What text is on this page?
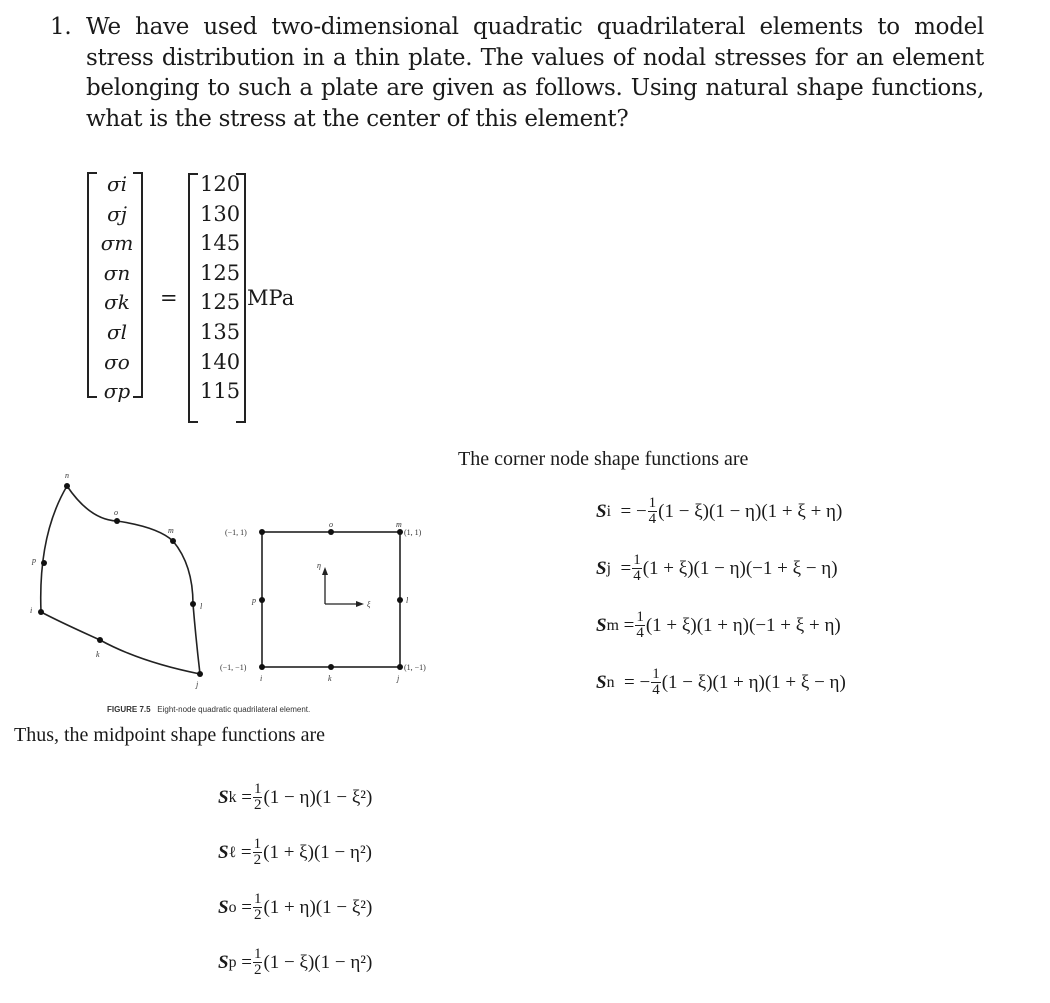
1. We have used two-dimensional quadratic quadrilateral elements to model stress distribution in a thin plate. The values of nodal stresses for an element belonging to such a plate are given as follows. Using natural shape functions, what is the stress at the center of this element?
σi
σj
σm
σn
σk
σl
σo
σp
=
120
130
145
125
125
135
140
115
MPa
n
o
m
p
l
i
k
j
(−1, 1)	(1, 1)
(−1, −1)	(1, −1)
o	m
p	l
i	k	j
η
ξ
FIGURE 7.5 Eight-node quadratic quadrilateral element.
The corner node shape functions are
S i
= − $\frac{1}{4} (1 - \xi)(1 - \eta)(1 + \xi + \eta)$
S j
= $\frac{1}{4} (1 + \xi)(1 - \eta)(-1 + \xi - \eta)$
S m
= $\frac{1}{4} (1 + \xi)(1 + \eta)(-1 + \xi + \eta)$
S n
= − $\frac{1}{4} (1 - \xi)(1 + \eta)(1 + \xi - \eta)$
Thus, the midpoint shape functions are
S k
= $\frac{1}{2} (1 - \eta)(1 - \xi^2)$
S ℓ
= $\frac{1}{2} (1 + \xi)(1 - \eta^2)$
S o
= $\frac{1}{2} (1 + \eta)(1 - \xi^2)$
S p
= $\frac{1}{2} (1 - \xi)(1 - \eta^2)$
